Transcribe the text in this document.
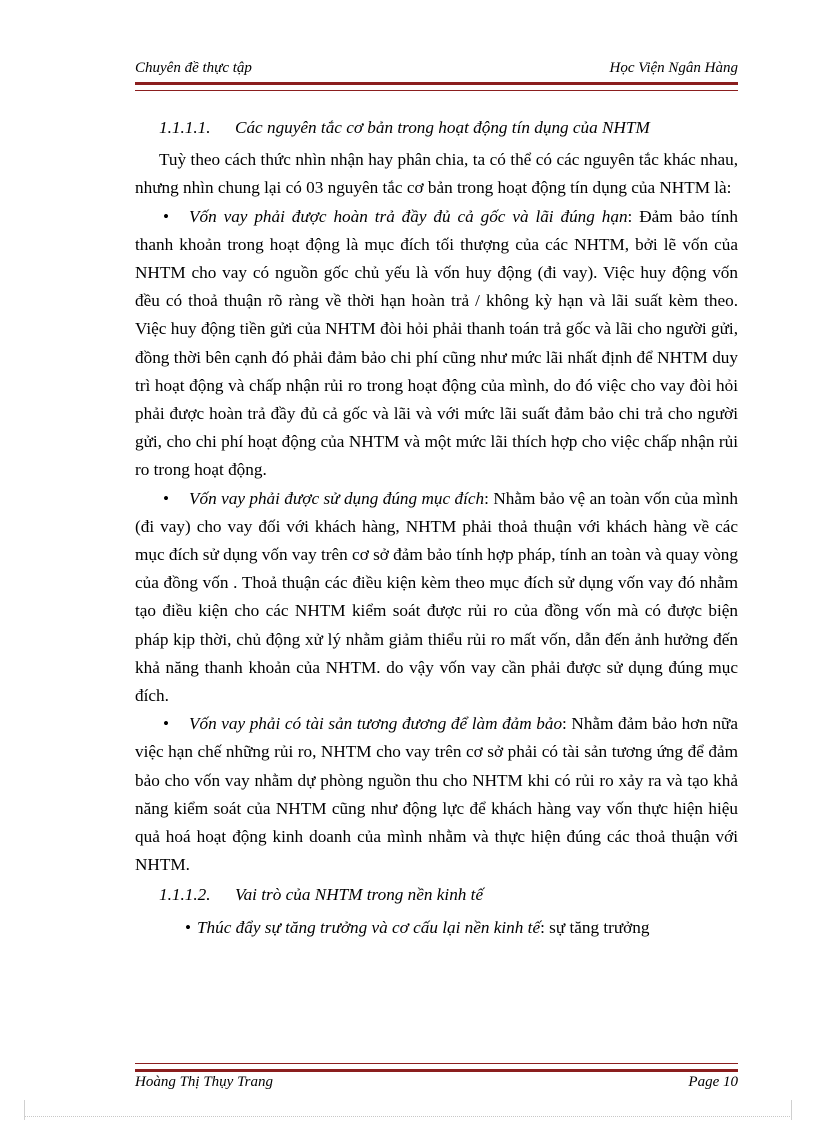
Chuyên đề thực tập	Học Viện Ngân Hàng

1.1.1.1. Các nguyên tắc cơ bản trong hoạt động tín dụng của NHTM

Tuỳ theo cách thức nhìn nhận hay phân chia, ta có thể có các nguyên tắc khác nhau, nhưng nhìn chung lại có 03 nguyên tắc cơ bản trong hoạt động tín dụng của NHTM là:

• Vốn vay phải được hoàn trả đầy đủ cả gốc và lãi đúng hạn: Đảm bảo tính thanh khoản trong hoạt động là mục đích tối thượng của các NHTM, bởi lẽ vốn của NHTM cho vay có nguồn gốc chủ yếu là vốn huy động (đi vay). Việc huy động vốn đều có thoả thuận rõ ràng về thời hạn hoàn trả / không kỳ hạn và lãi suất kèm theo. Việc huy động tiền gửi của NHTM đòi hỏi phải thanh toán trả gốc và lãi cho người gửi, đồng thời bên cạnh đó phải đảm bảo chi phí cũng như mức lãi nhất định để NHTM duy trì hoạt động và chấp nhận rủi ro trong hoạt động của mình, do đó việc cho vay đòi hỏi phải được hoàn trả đầy đủ cả gốc và lãi và với mức lãi suất đảm bảo chi trả cho người gửi, cho chi phí hoạt động của NHTM và một mức lãi thích hợp cho việc chấp nhận rủi ro trong hoạt động.

• Vốn vay phải được sử dụng đúng mục đích: Nhằm bảo vệ an toàn vốn của mình (đi vay) cho vay đối với khách hàng, NHTM phải thoả thuận với khách hàng về các mục đích sử dụng vốn vay trên cơ sở đảm bảo tính hợp pháp, tính an toàn và quay vòng của đồng vốn . Thoả thuận các điều kiện kèm theo mục đích sử dụng vốn vay đó nhằm tạo điều kiện cho các NHTM kiểm soát được rủi ro của đồng vốn mà có được biện pháp kịp thời, chủ động xử lý nhằm giảm thiểu rủi ro mất vốn, dẫn đến ảnh hưởng đến khả năng thanh khoản của NHTM. do vậy vốn vay cần phải được sử dụng đúng mục đích.

• Vốn vay phải có tài sản tương đương để làm đảm bảo: Nhằm đảm bảo hơn nữa việc hạn chế những rủi ro, NHTM cho vay trên cơ sở phải có tài sản tương ứng để đảm bảo cho vốn vay nhằm dự phòng nguồn thu cho NHTM khi có rủi ro xảy ra và tạo khả năng kiểm soát của NHTM cũng như động lực để khách hàng vay vốn thực hiện hiệu quả hoá hoạt động kinh doanh của mình nhằm và thực hiện đúng các thoả thuận với NHTM.

1.1.1.2. Vai trò của NHTM trong nền kinh tế

• Thúc đẩy sự tăng trưởng và cơ cấu lại nền kinh tế: sự tăng trưởng

Hoàng Thị Thụy Trang	Page 10
